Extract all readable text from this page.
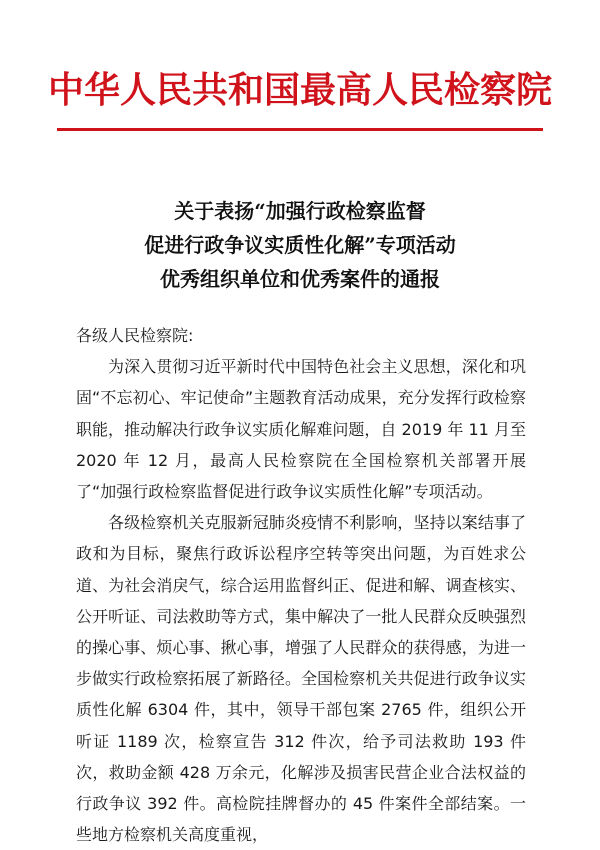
中华人民共和国最高人民检察院
关于表扬“加强行政检察监督
促进行政争议实质性化解”专项活动
优秀组织单位和优秀案件的通报

各级人民检察院:

为深入贯彻习近平新时代中国特色社会主义思想，深化和巩固“不忘初心、牢记使命”主题教育活动成果，充分发挥行政检察职能，推动解决行政争议实质化解难问题，自 2019 年 11 月至 2020 年 12 月，最高人民检察院在全国检察机关部署开展了“加强行政检察监督促进行政争议实质性化解”专项活动。

各级检察机关克服新冠肺炎疫情不利影响，坚持以案结事了政和为目标，聚焦行政诉讼程序空转等突出问题，为百姓求公道、为社会消戾气，综合运用监督纠正、促进和解、调查核实、公开听证、司法救助等方式，集中解决了一批人民群众反映强烈的操心事、烦心事、揪心事，增强了人民群众的获得感，为进一步做实行政检察拓展了新路径。全国检察机关共促进行政争议实质性化解 6304 件，其中，领导干部包案 2765 件，组织公开听证 1189 次，检察宣告 312 件次，给予司法救助 193 件次，救助金额 428 万余元，化解涉及损害民营企业合法权益的行政争议 392 件。高检院挂牌督办的 45 件案件全部结案。一些地方检察机关高度重视，
